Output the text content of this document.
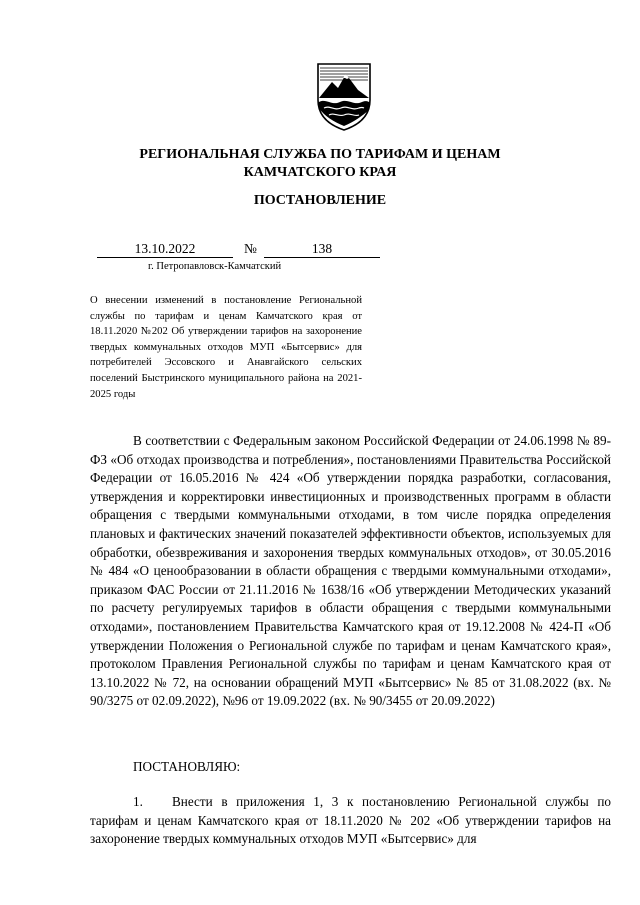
РЕГИОНАЛЬНАЯ СЛУЖБА ПО ТАРИФАМ И ЦЕНАМ
КАМЧАТСКОГО КРАЯ
ПОСТАНОВЛЕНИЕ
13.10.2022	№	138
г. Петропавловск-Камчатский

О внесении изменений в постановление Региональной службы по тарифам и ценам Камчатского края от 18.11.2020 №202 Об утверждении тарифов на захоронение твердых коммунальных отходов МУП «Бытсервис» для потребителей Эссовского и Анавгайского сельских поселений Быстринского муниципального района на 2021-2025 годы

В соответствии с Федеральным законом Российской Федерации от 24.06.1998 № 89-ФЗ «Об отходах производства и потребления», постановлениями Правительства Российской Федерации от 16.05.2016 № 424 «Об утверждении порядка разработки, согласования, утверждения и корректировки инвестиционных и производственных программ в области обращения с твердыми коммунальными отходами, в том числе порядка определения плановых и фактических значений показателей эффективности объектов, используемых для обработки, обезвреживания и захоронения твердых коммунальных отходов», от 30.05.2016 № 484 «О ценообразовании в области обращения с твердыми коммунальными отходами», приказом ФАС России от 21.11.2016 № 1638/16 «Об утверждении Методических указаний по расчету регулируемых тарифов в области обращения с твердыми коммунальными отходами», постановлением Правительства Камчатского края от 19.12.2008 № 424-П «Об утверждении Положения о Региональной службе по тарифам и ценам Камчатского края», протоколом Правления Региональной службы по тарифам и ценам Камчатского края от 13.10.2022 № 72, на основании обращений МУП «Бытсервис» № 85 от 31.08.2022 (вх. № 90/3275 от 02.09.2022), №96 от 19.09.2022 (вх. № 90/3455 от 20.09.2022)

ПОСТАНОВЛЯЮ:

1. Внести в приложения 1, 3 к постановлению Региональной службы по тарифам и ценам Камчатского края от 18.11.2020 № 202 «Об утверждении тарифов на захоронение твердых коммунальных отходов МУП «Бытсервис» для
